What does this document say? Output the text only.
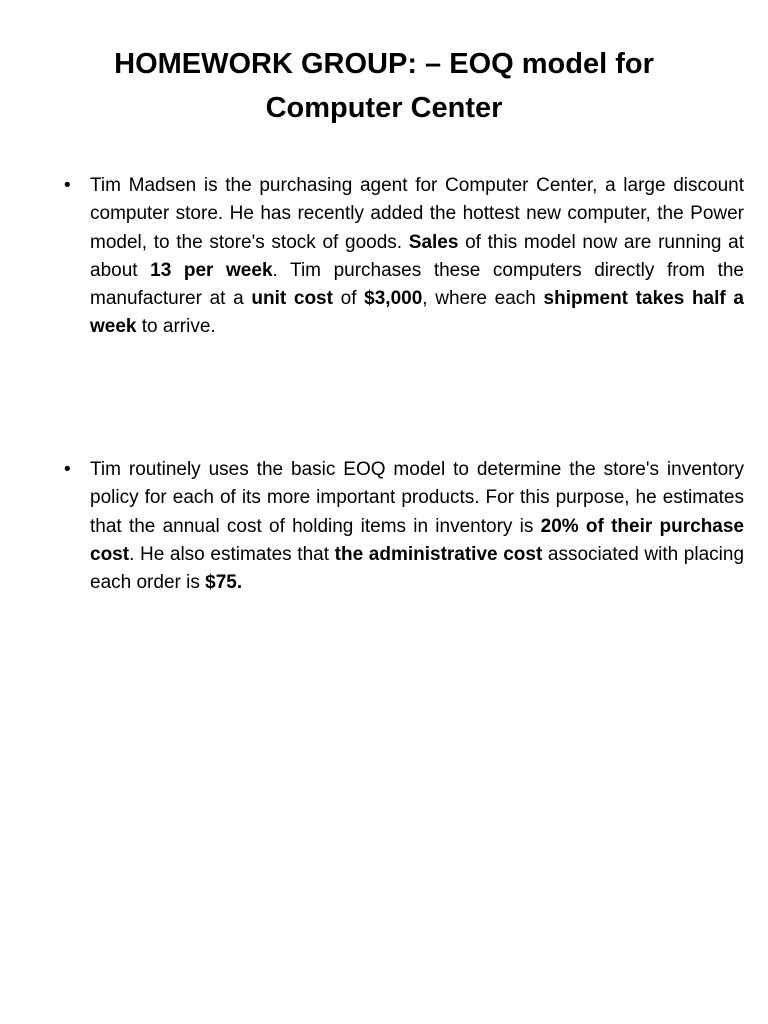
HOMEWORK GROUP: – EOQ model for
Computer Center
•	Tim Madsen is the purchasing agent for Computer Center, a large discount computer store. He has recently added the hottest new computer, the Power model, to the store's stock of goods. Sales of this model now are running at about 13 per week. Tim purchases these computers directly from the manufacturer at a unit cost of $3,000, where each shipment takes half a week to arrive.

•	Tim routinely uses the basic EOQ model to determine the store's inventory policy for each of its more important products. For this purpose, he estimates that the annual cost of holding items in inventory is 20% of their purchase cost. He also estimates that the administrative cost associated with placing each order is $75.
